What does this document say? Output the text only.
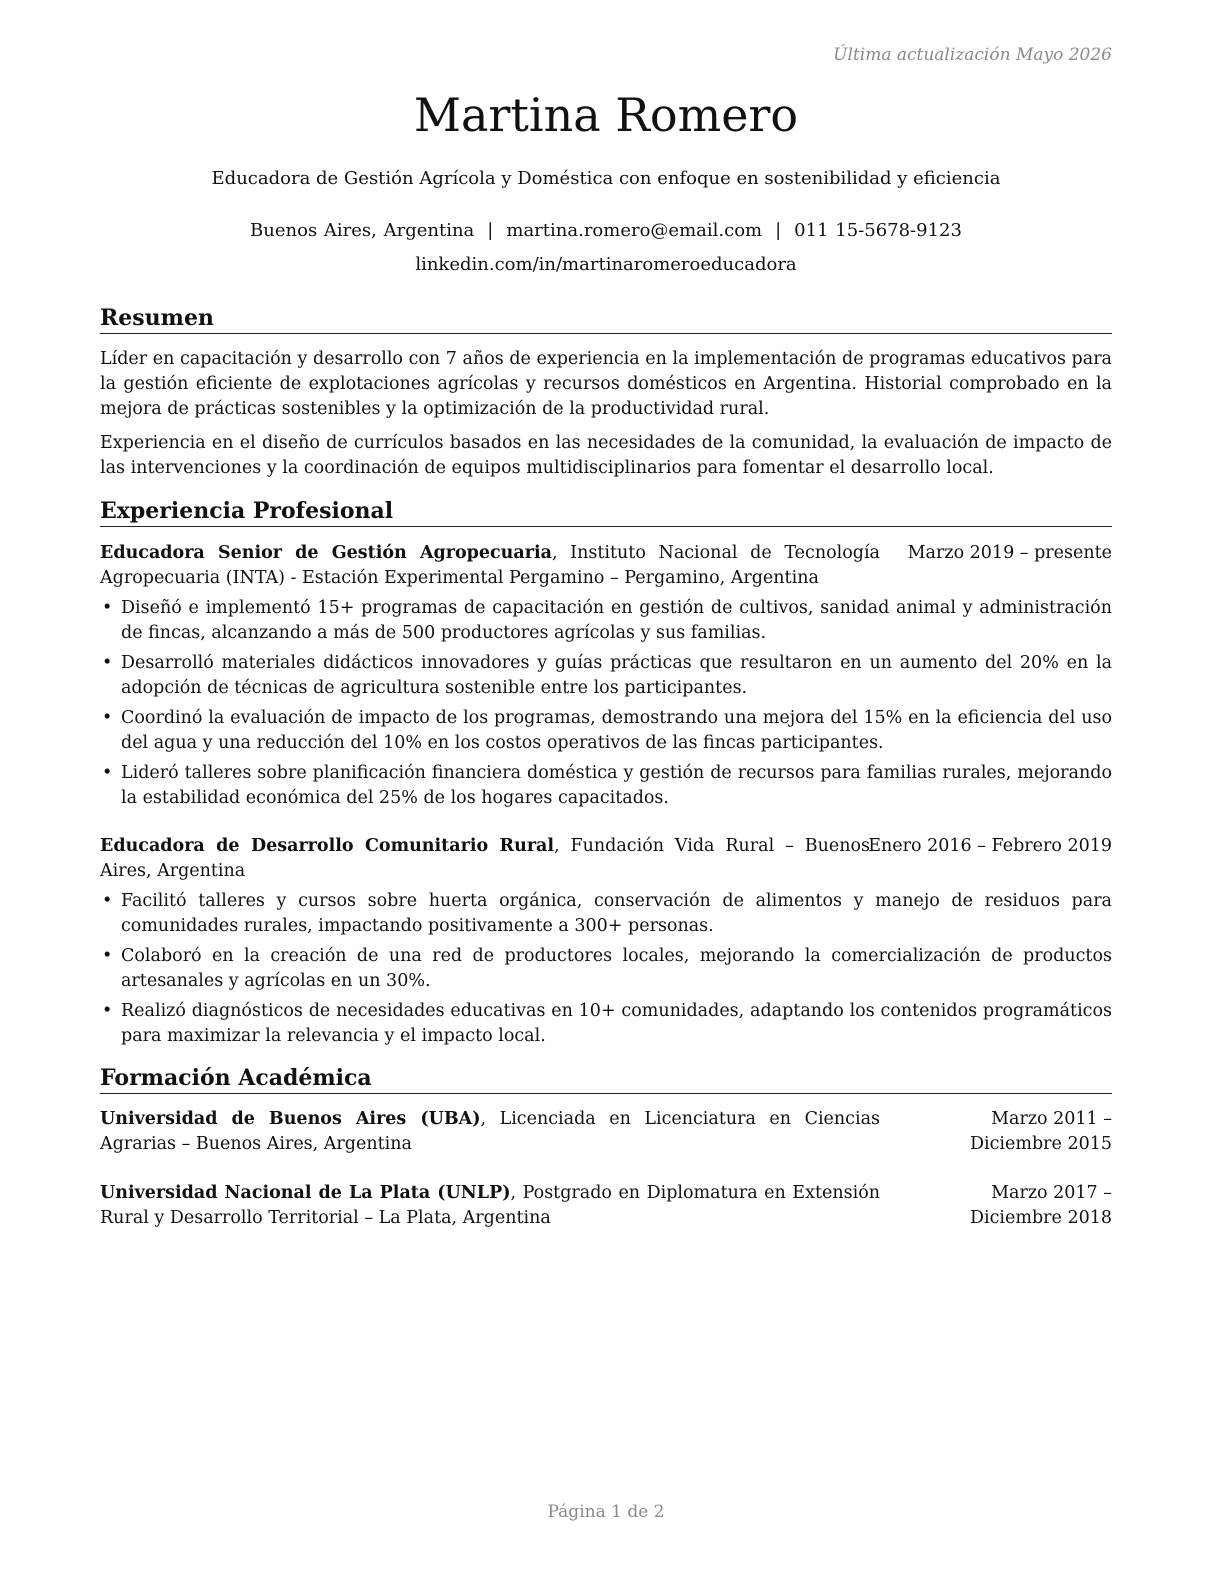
Última actualización Mayo 2026
Martina Romero
Educadora de Gestión Agrícola y Doméstica con enfoque en sostenibilidad y eficiencia
Buenos Aires, Argentina | martina.romero@email.com | 011 15-5678-9123
linkedin.com/in/martinaromeroeducadora
Resumen
Líder en capacitación y desarrollo con 7 años de experiencia en la implementación de programas educativos para la gestión eficiente de explotaciones agrícolas y recursos domésticos en Argentina. Historial comprobado en la mejora de prácticas sostenibles y la optimización de la productividad rural.
Experiencia en el diseño de currículos basados en las necesidades de la comunidad, la evaluación de impacto de las intervenciones y la coordinación de equipos multidisciplinarios para fomentar el desarrollo local.
Experiencia Profesional
Educadora Senior de Gestión Agropecuaria, Instituto Nacional de Tecnología Agropecuaria (INTA) - Estación Experimental Pergamino – Pergamino, Argentina
Marzo 2019 – presente
• Diseñó e implementó 15+ programas de capacitación en gestión de cultivos, sanidad animal y administración de fincas, alcanzando a más de 500 productores agrícolas y sus familias.
• Desarrolló materiales didácticos innovadores y guías prácticas que resultaron en un aumento del 20% en la adopción de técnicas de agricultura sostenible entre los participantes.
• Coordinó la evaluación de impacto de los programas, demostrando una mejora del 15% en la eficiencia del uso del agua y una reducción del 10% en los costos operativos de las fincas participantes.
• Lideró talleres sobre planificación financiera doméstica y gestión de recursos para familias rurales, mejorando la estabilidad económica del 25% de los hogares capacitados.
Educadora de Desarrollo Comunitario Rural, Fundación Vida Rural – Buenos Aires, Argentina
Enero 2016 – Febrero 2019
• Facilitó talleres y cursos sobre huerta orgánica, conservación de alimentos y manejo de residuos para comunidades rurales, impactando positivamente a 300+ personas.
• Colaboró en la creación de una red de productores locales, mejorando la comercialización de productos artesanales y agrícolas en un 30%.
• Realizó diagnósticos de necesidades educativas en 10+ comunidades, adaptando los contenidos programáticos para maximizar la relevancia y el impacto local.
Formación Académica
Universidad de Buenos Aires (UBA), Licenciada en Licenciatura en Ciencias Agrarias – Buenos Aires, Argentina
Marzo 2011 – Diciembre 2015
Universidad Nacional de La Plata (UNLP), Postgrado en Diplomatura en Extensión Rural y Desarrollo Territorial – La Plata, Argentina
Marzo 2017 – Diciembre 2018
Página 1 de 2
